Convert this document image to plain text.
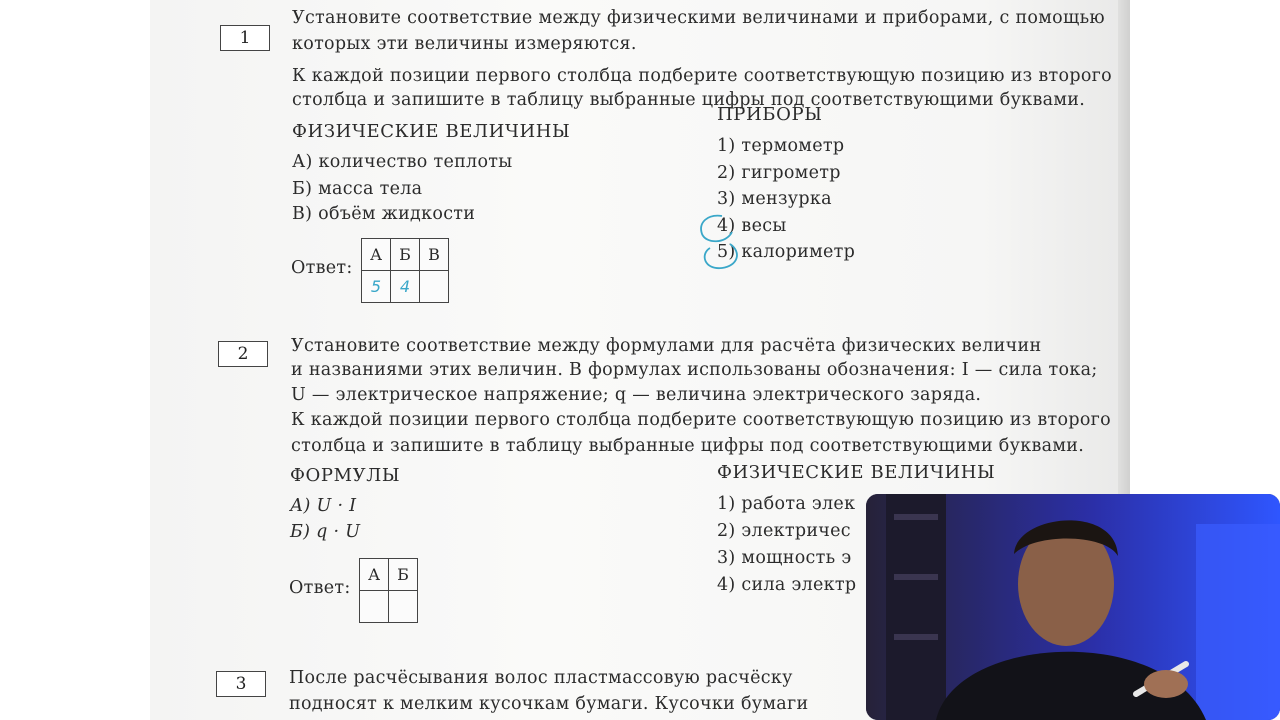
1
Установите соответствие между физическими величинами и приборами, с помощью
которых эти величины измеряются.
К каждой позиции первого столбца подберите соответствующую позицию из второго
столбца и запишите в таблицу выбранные цифры под соответствующими буквами.
ФИЗИЧЕСКИЕ ВЕЛИЧИНЫ
А) количество теплоты
Б) масса тела
В) объём жидкости
ПРИБОРЫ
1) термометр
2) гигрометр
3) мензурка
4) весы
5) калориметр
Ответ:
А	Б	В
5	4	
2	Установите соответствие между формулами для расчёта физических величин
и названиями этих величин. В формулах использованы обозначения: I — сила тока;
U — электрическое напряжение; q — величина электрического заряда.
К каждой позиции первого столбца подберите соответствующую позицию из второго
столбца и запишите в таблицу выбранные цифры под соответствующими буквами.
ФОРМУЛЫ
А) U · I
Б) q · U
ФИЗИЧЕСКИЕ ВЕЛИЧИНЫ
1) работа элек
2) электричес
3) мощность э
4) сила электр
Ответ:
А	Б

3	После расчёсывания волос пластмассовую расчёску
подносят к мелким кусочкам бумаги. Кусочки бумаги
